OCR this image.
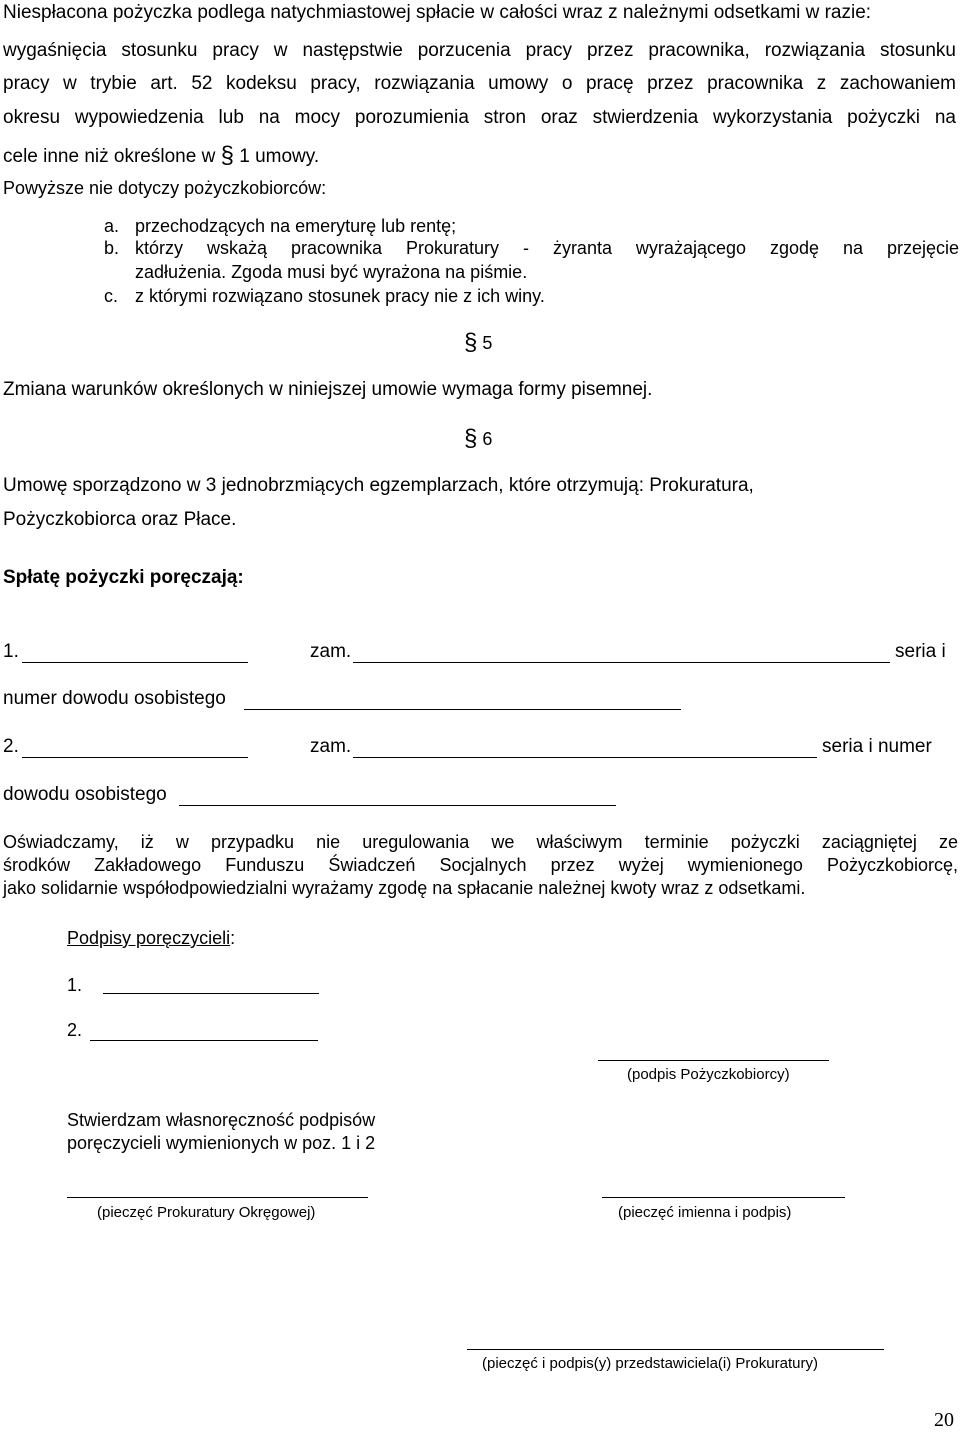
Niespłacona pożyczka podlega natychmiastowej spłacie w całości wraz z należnymi odsetkami w razie:
wygaśnięcia stosunku pracy w następstwie porzucenia pracy przez pracownika, rozwiązania stosunku
pracy w trybie art. 52 kodeksu pracy, rozwiązania umowy o pracę przez pracownika z zachowaniem
okresu wypowiedzenia lub na mocy porozumienia stron oraz stwierdzenia wykorzystania pożyczki na
cele inne niż określone w § 1 umowy.
Powyższe nie dotyczy pożyczkobiorców:
a. przechodzących na emeryturę lub rentę;
b. którzy wskażą pracownika Prokuratury - żyranta wyrażającego zgodę na przejęcie
zadłużenia. Zgoda musi być wyrażona na piśmie.
c. z którymi rozwiązano stosunek pracy nie z ich winy.
§ 5
Zmiana warunków określonych w niniejszej umowie wymaga formy pisemnej.
§ 6
Umowę sporządzono w 3 jednobrzmiących egzemplarzach, które otrzymują: Prokuratura,
Pożyczkobiorca oraz Płace.
Spłatę pożyczki poręczają:
1.	zam.	seria i
numer dowodu osobistego
2.	zam.	seria i numer
dowodu osobistego
Oświadczamy, iż w przypadku nie uregulowania we właściwym terminie pożyczki zaciągniętej ze
środków Zakładowego Funduszu Świadczeń Socjalnych przez wyżej wymienionego Pożyczkobiorcę,
jako solidarnie współodpowiedzialni wyrażamy zgodę na spłacanie należnej kwoty wraz z odsetkami.
Podpisy poręczycieli:
1.
2.
(podpis Pożyczkobiorcy)
Stwierdzam własnoręczność podpisów
poręczycieli wymienionych w poz. 1 i 2
(pieczęć Prokuratury Okręgowej)	(pieczęć imienna i podpis)
(pieczęć i podpis(y) przedstawiciela(i) Prokuratury)
20
